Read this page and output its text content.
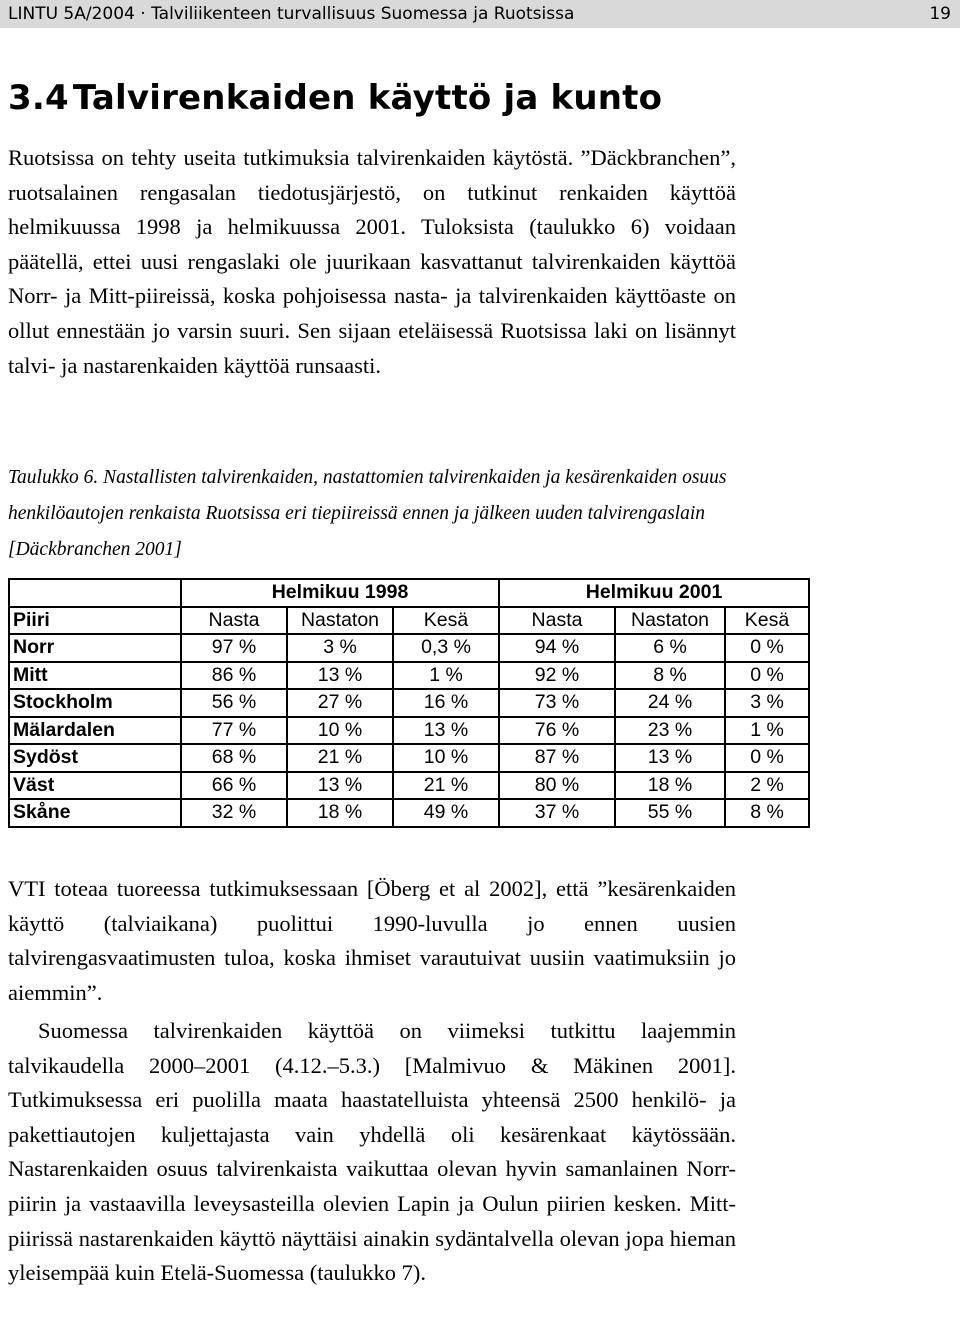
LINTU 5A/2004 · Talviliikenteen turvallisuus Suomessa ja Ruotsissa	19
3.4 Talvirenkaiden käyttö ja kunto

Ruotsissa on tehty useita tutkimuksia talvirenkaiden käytöstä. ”Däckbranchen”, ruotsalainen rengasalan tiedotusjärjestö, on tutkinut renkaiden käyttöä helmikuussa 1998 ja helmikuussa 2001. Tuloksista (taulukko 6) voidaan päätellä, ettei uusi rengaslaki ole juurikaan kasvattanut talvirenkaiden käyttöä Norr- ja Mitt-piireissä, koska pohjoisessa nasta- ja talvirenkaiden käyttöaste on ollut ennestään jo varsin suuri. Sen sijaan eteläisessä Ruotsissa laki on lisännyt talvi- ja nastarenkaiden käyttöä runsaasti.

Taulukko 6. Nastallisten talvirenkaiden, nastattomien talvirenkaiden ja kesärenkaiden osuus henkilöautojen renkaista Ruotsissa eri tiepiireissä ennen ja jälkeen uuden talvirengaslain [Däckbranchen 2001]

	Helmikuu 1998			Helmikuu 2001		
Piiri	Nasta	Nastaton	Kesä	Nasta	Nastaton	Kesä
Norr	97 %	3 %	0,3 %	94 %	6 %	0 %
Mitt	86 %	13 %	1 %	92 %	8 %	0 %
Stockholm	56 %	27 %	16 %	73 %	24 %	3 %
Mälardalen	77 %	10 %	13 %	76 %	23 %	1 %
Sydöst	68 %	21 %	10 %	87 %	13 %	0 %
Väst	66 %	13 %	21 %	80 %	18 %	2 %
Skåne	32 %	18 %	49 %	37 %	55 %	8 %

VTI toteaa tuoreessa tutkimuksessaan [Öberg et al 2002], että ”kesärenkaiden käyttö (talviaikana) puolittui 1990-luvulla jo ennen uusien talvirengasvaatimusten tuloa, koska ihmiset varautuivat uusiin vaatimuksiin jo aiemmin”.

Suomessa talvirenkaiden käyttöä on viimeksi tutkittu laajemmin talvikaudella 2000–2001 (4.12.–5.3.) [Malmivuo & Mäkinen 2001]. Tutkimuksessa eri puolilla maata haastatelluista yhteensä 2500 henkilö- ja pakettiautojen kuljettajasta vain yhdellä oli kesärenkaat käytössään. Nastarenkaiden osuus talvirenkaista vaikuttaa olevan hyvin samanlainen Norr-piirin ja vastaavilla leveysasteilla olevien Lapin ja Oulun piirien kesken. Mitt-piirissä nastarenkaiden käyttö näyttäisi ainakin sydäntalvella olevan jopa hieman yleisempää kuin Etelä-Suomessa (taulukko 7).
